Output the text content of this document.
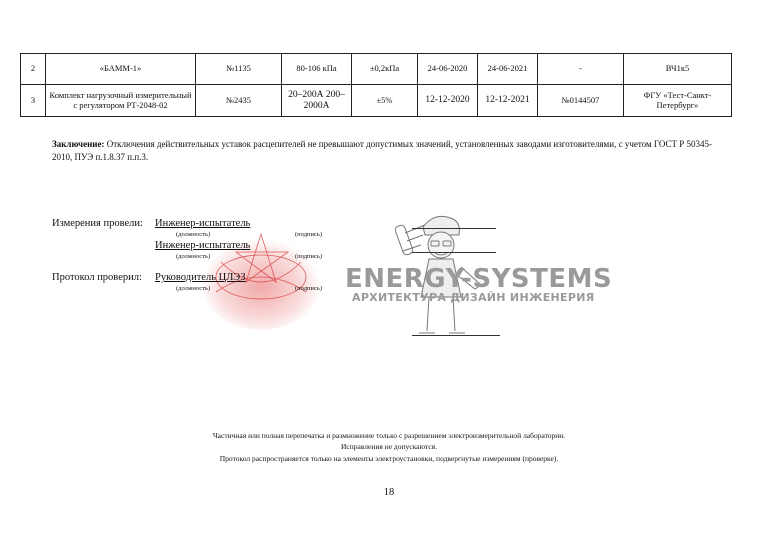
2	«БАММ-1»	№1135	80-106 кПа	±0,2кПа	24-06-2020	24-06-2021	-	ВЧ1к5
3	Комплект нагрузочный измерительный с регулятором РТ-2048-02	№2435	20–200А 200–2000А	±5%	12-12-2020	12-12-2021	№0144507	ФГУ «Тест-Санкт-Петербург»
Заключение: Отключения действительных уставок расцепителей не превышают допустимых значений, установленных заводами изготовителями, с учетом ГОСТ Р 50345-2010, ПУЭ п.1.8.37 п.п.3.
Измерения провели: Инженер-испытатель
(должность)	(подпись)
Инженер-испытатель
(должность)	(подпись)
Протокол проверил: Руководитель ЦЛЭЗ
(должность)	(подпись) ENERGY-SYSTEMS
АРХИТЕКТУРА ДИЗАЙН ИНЖЕНЕРИЯ
Частичная или полная перепечатка и размножение только с разрешением электроизмерительной лаборатории.
Исправления не допускаются.
Протокол распространяется только на элементы электроустановки, подвергнутые измерениям (проверке).
18
